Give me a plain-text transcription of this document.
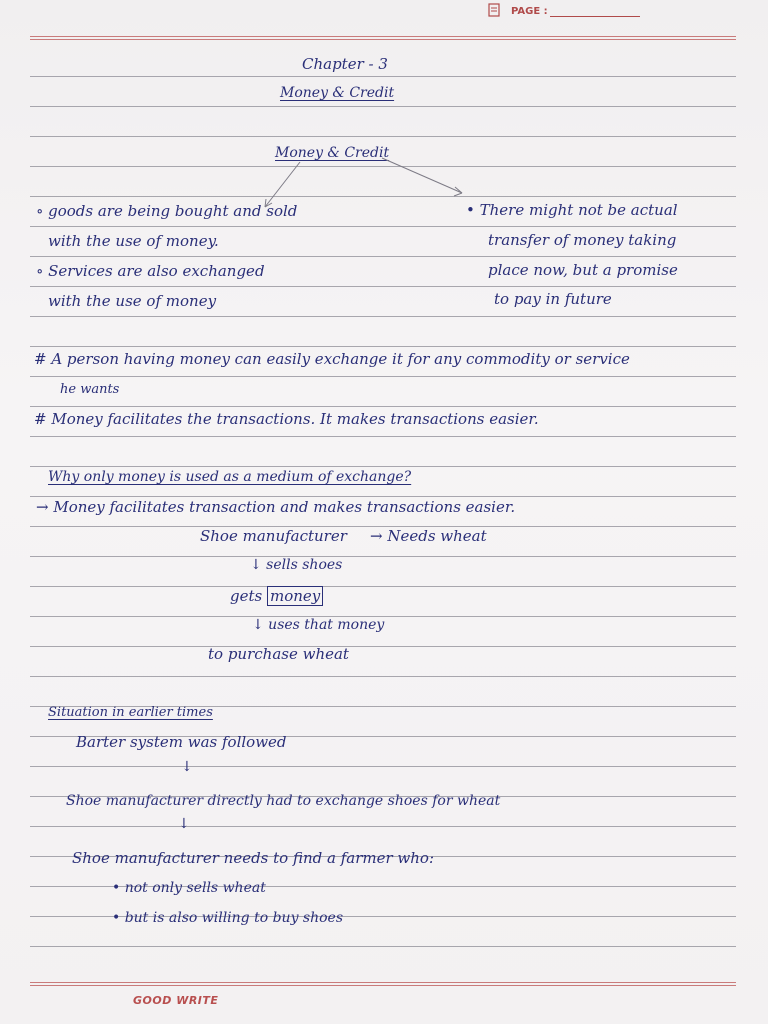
PAGE :
Chapter - 3
Money & Credit
Money & Credit
∘ goods are being bought and sold
with the use of money.
∘ Services are also exchanged
with the use of money
• There might not be actual
transfer of money taking
place now, but a promise
to pay in future
# A person having money can easily exchange it for any commodity or service
he wants
# Money facilitates the transactions. It makes transactions easier.
Why only money is used as a medium of exchange?
→ Money facilitates transaction and makes transactions easier.
Shoe manufacturer → Needs wheat
↓ sells shoes
gets money
↓ uses that money
to purchase wheat
Situation in earlier times
Barter system was followed
↓
Shoe manufacturer directly had to exchange shoes for wheat
↓
Shoe manufacturer needs to find a farmer who:
• not only sells wheat
• but is also willing to buy shoes
GOOD WRITE
